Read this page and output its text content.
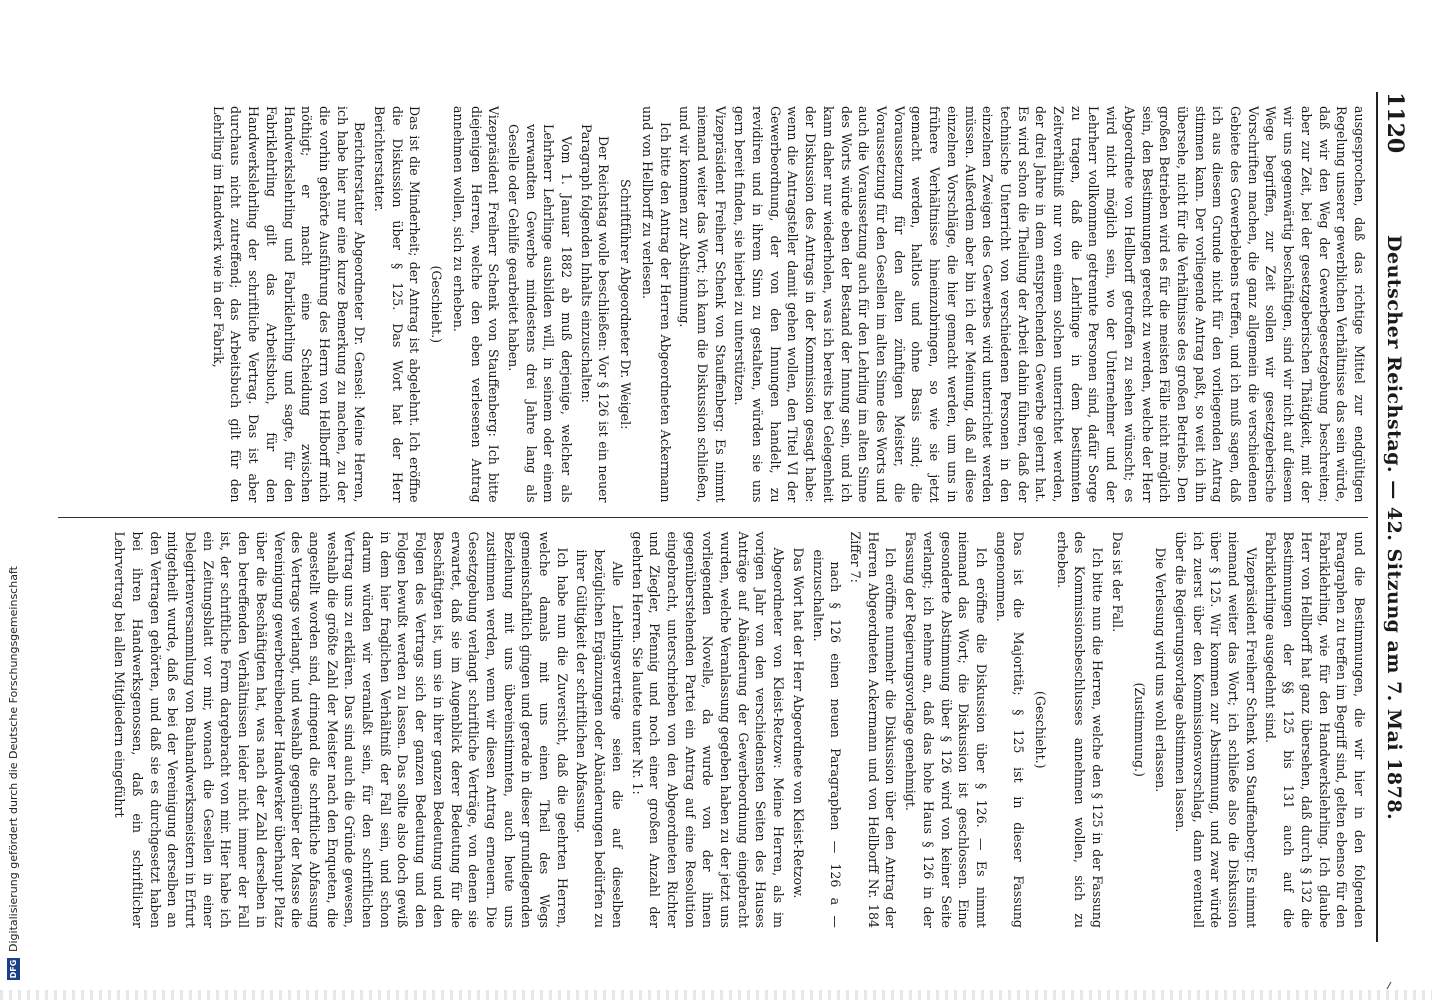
1120
Deutscher Reichstag. — 42. Sitzung am 7. Mai 1878.

ausgesprochen, daß das richtige Mittel zur endgültigen Regelung unserer gewerblichen Verhältnisse das sein würde, daß wir den Weg der Gewerbegesetzgebung beschreiten; aber zur Zeit, bei der gesetzgeberischen Thätigkeit, mit der wir uns gegenwärtig beschäftigen, sind wir nicht auf diesem Wege begriffen, zur Zeit sollen wir gesetzgeberische Vorschriften machen, die ganz allgemein die verschiedenen Gebiete des Gewerbelebens treffen, und ich muß sagen, daß ich aus diesem Grunde nicht für den vorliegenden Antrag stimmen kann. Der vorliegende Antrag paßt, so weit ich ihn übersehe, nicht für die Verhältnisse des großen Betriebs. Den großen Betrieben wird es für die meisten Fälle nicht möglich sein, den Bestimmungen gerecht zu werden, welche der Herr Abgeordnete von Hellborff getroffen zu sehen wünscht; es wird nicht möglich sein, wo der Unternehmer und der Lehrherr vollkommen getrennte Personen sind, dafür Sorge zu tragen, daß die Lehrlinge in dem bestimmten Zeitverhältniß nur von einem solchen unterrichtet werden, der drei Jahre in dem entsprechenden Gewerbe gelernt hat. Es wird schon die Theilung der Arbeit dahin führen, daß der technische Unterricht von verschiedenen Personen in den einzelnen Zweigen des Gewerbes wird unterrichtet werden müssen. Außerdem aber bin ich der Meinung, daß all diese einzelnen Vorschläge, die hier gemacht werden, um uns in frühere Verhältnisse hineinzubringen, so wie sie jetzt gemacht werden, haltlos und ohne Basis sind; die Voraussetzung für den alten zünftigen Meister, die Voraussetzung für den Gesellen im alten Sinne des Worts und auch die Voraussetzung auch für den Lehrling im alten Sinne des Worts würde eben der Bestand der Innung sein, und ich kann daher nur wiederholen, was ich bereits bei Gelegenheit der Diskussion des Antrags in der Kommission gesagt habe: wenn die Antragsteller damit gehen wollen, den Titel VI der Gewerbeordnung, der von den Innungen handelt, zu revidiren und in ihrem Sinn zu gestalten, würden sie uns gern bereit finden, sie hierbei zu unterstützen.

Vizepräsident Freiherr Schenk von Stauffenberg: Es nimmt niemand weiter das Wort; ich kann die Diskussion schließen, und wir kommen zur Abstimmung.

Ich bitte den Antrag der Herren Abgeordneten Ackermann und von Hellborff zu verlesen.

Schriftführer Abgeordneter Dr. Weigel:

Der Reichstag wolle beschließen: Vor § 126 ist ein neuer Paragraph folgenden Inhalts einzuschalten:

Vom 1. Januar 1882 ab muß derjenige, welcher als Lehrherr Lehrlinge ausbilden will, in seinem oder einem verwandten Gewerbe mindestens drei Jahre lang als Geselle oder Gehilfe gearbeitet haben.

Vizepräsident Freiherr Schenk von Stauffenberg: Ich bitte diejenigen Herren, welche den eben verlesenen Antrag annehmen wollen, sich zu erheben.

(Geschieht.)

Das ist die Minderheit; der Antrag ist abgelehnt. Ich eröffne die Diskussion über § 125. Das Wort hat der Herr Berichterstatter.

Berichterstatter Abgeordneter Dr. Gensel: Meine Herren, ich habe hier nur eine kurze Bemerkung zu machen, zu der die vorhin gehörte Ausführung des Herrn von Hellborff mich nöthigt; er macht eine Scheidung zwischen Handwerkslehrling und Fabriklehrling und sagte, für den Fabriklehrling gilt das Arbeitsbuch, für den Handwerkslehrling der schriftliche Vertrag. Das ist aber durchaus nicht zutreffend; das Arbeitsbuch gilt für den Lehrling im Handwerk wie in der Fabrik,

und die Bestimmungen, die wir hier in den folgenden Paragraphen zu treffen im Begriff sind, gelten ebenso für den Fabriklehrling, wie für den Handwerkslehrling. Ich glaube Herr von Hellborff hat ganz übersehen, daß durch § 132 die Bestimmungen der §§ 125 bis 131 auch auf die Fabriklehrlinge ausgedehnt sind.

Vizepräsident Freiherr Schenk von Stauffenberg: Es nimmt niemand weiter das Wort; ich schließe also die Diskussion über § 125. Wir kommen zur Abstimmung, und zwar würde ich zuerst über den Kommissionsvorschlag, dann eventuell über die Regierungsvorlage abstimmen lassen.

Die Verlesung wird uns wohl erlassen.

(Zustimmung.)

Das ist der Fall.

Ich bitte nun die Herren, welche den § 125 in der Fassung des Kommissionsbeschlusses annehmen wollen, sich zu erheben.

(Geschieht.)

Das ist die Majorität; § 125 ist in dieser Fassung angenommen.

Ich eröffne die Diskussion über § 126. — Es nimmt niemand das Wort; die Diskussion ist geschlossen. Eine gesonderte Abstimmung über § 126 wird von keiner Seite verlangt; ich nehme an, daß das hohe Haus § 126 in der Fassung der Regierungsvorlage genehmigt.

Ich eröffne nunmehr die Diskussion über den Antrag der Herren Abgeordneten Ackermann und von Hellborff Nr. 184 Ziffer 7:

nach § 126 einen neuen Paragraphen — 126 a — einzuschalten.

Das Wort hat der Herr Abgeordnete von Kleist-Retzow.

Abgeordneter von Kleist-Retzow: Meine Herren, als im vorigen Jahr von den verschiedensten Seiten des Hauses Anträge auf Abänderung der Gewerbeordnung eingebracht wurden, welche Veranlassung gegeben haben zu der jetzt uns vorliegenden Novelle, da wurde von der ihnen gegenüberstehenden Partei ein Antrag auf eine Resolution eingebracht, unterschrieben von den Abgeordneten Richter und Ziegler, Pfennig und noch einer großen Anzahl der geehrten Herren. Sie lautete unter Nr. 1:

Alle Lehrlingsverträge seien die auf dieselben bezüglichen Ergänzungen oder Abänderungen bedürfen zu ihrer Gültigkeit der schriftlichen Abfassung.

Ich habe nun die Zuversicht, daß die geehrten Herren, welche damals mit uns einen Theil des Wegs gemeinschaftlich gingen und gerade in dieser grundlegenden Beziehung mit uns übereinstimmten, auch heute uns zustimmen werden, wenn wir diesen Antrag erneuern. Die Gesetzgebung verlangt schriftliche Verträge, von denen sie erwartet, daß sie im Augenblick derer Bedeutung für die Beschäftigten ist, um sie in ihrer ganzen Bedeutung und den Folgen des Vertrags sich der ganzen Bedeutung und den Folgen bewußt werden zu lassen. Das sollte also doch gewiß in dem hier fraglichen Verhältniß der Fall sein, und schon darum würden wir veranlaßt sein, für den schriftlichen Vertrag uns zu erklären. Das sind auch die Gründe gewesen, weshalb die größte Zahl der Meister nach den Enqueten, die angestellt worden sind, dringend die schriftliche Abfassung des Vertrags verlangt, und weshalb gegenüber der Masse die Vereinigung gewerbetreibender Handwerker überhaupt Platz über die Beschäftigten hat, was nach der Zahl derselben in den betreffenden Verhältnissen leider nicht immer der Fall ist, der schriftliche Form dargebracht von mir. Hier habe ich ein Zeitungsblatt vor mir, wonach die Gesellen in einer Delegirtenversammlung von Bauhandwerksmeistern in Erfurt mitgetheilt wurde, daß es bei der Vereinigung derselben an den Vertragen gehörten, und daß sie es durchgesetzt haben bei ihren Handwerksgenossen, daß ein schriftlicher Lehrvertrag bei allen Mitgliedern eingeführt

DFG
Digitalisierung gefördert durch die Deutsche Forschungsgemeinschaft
